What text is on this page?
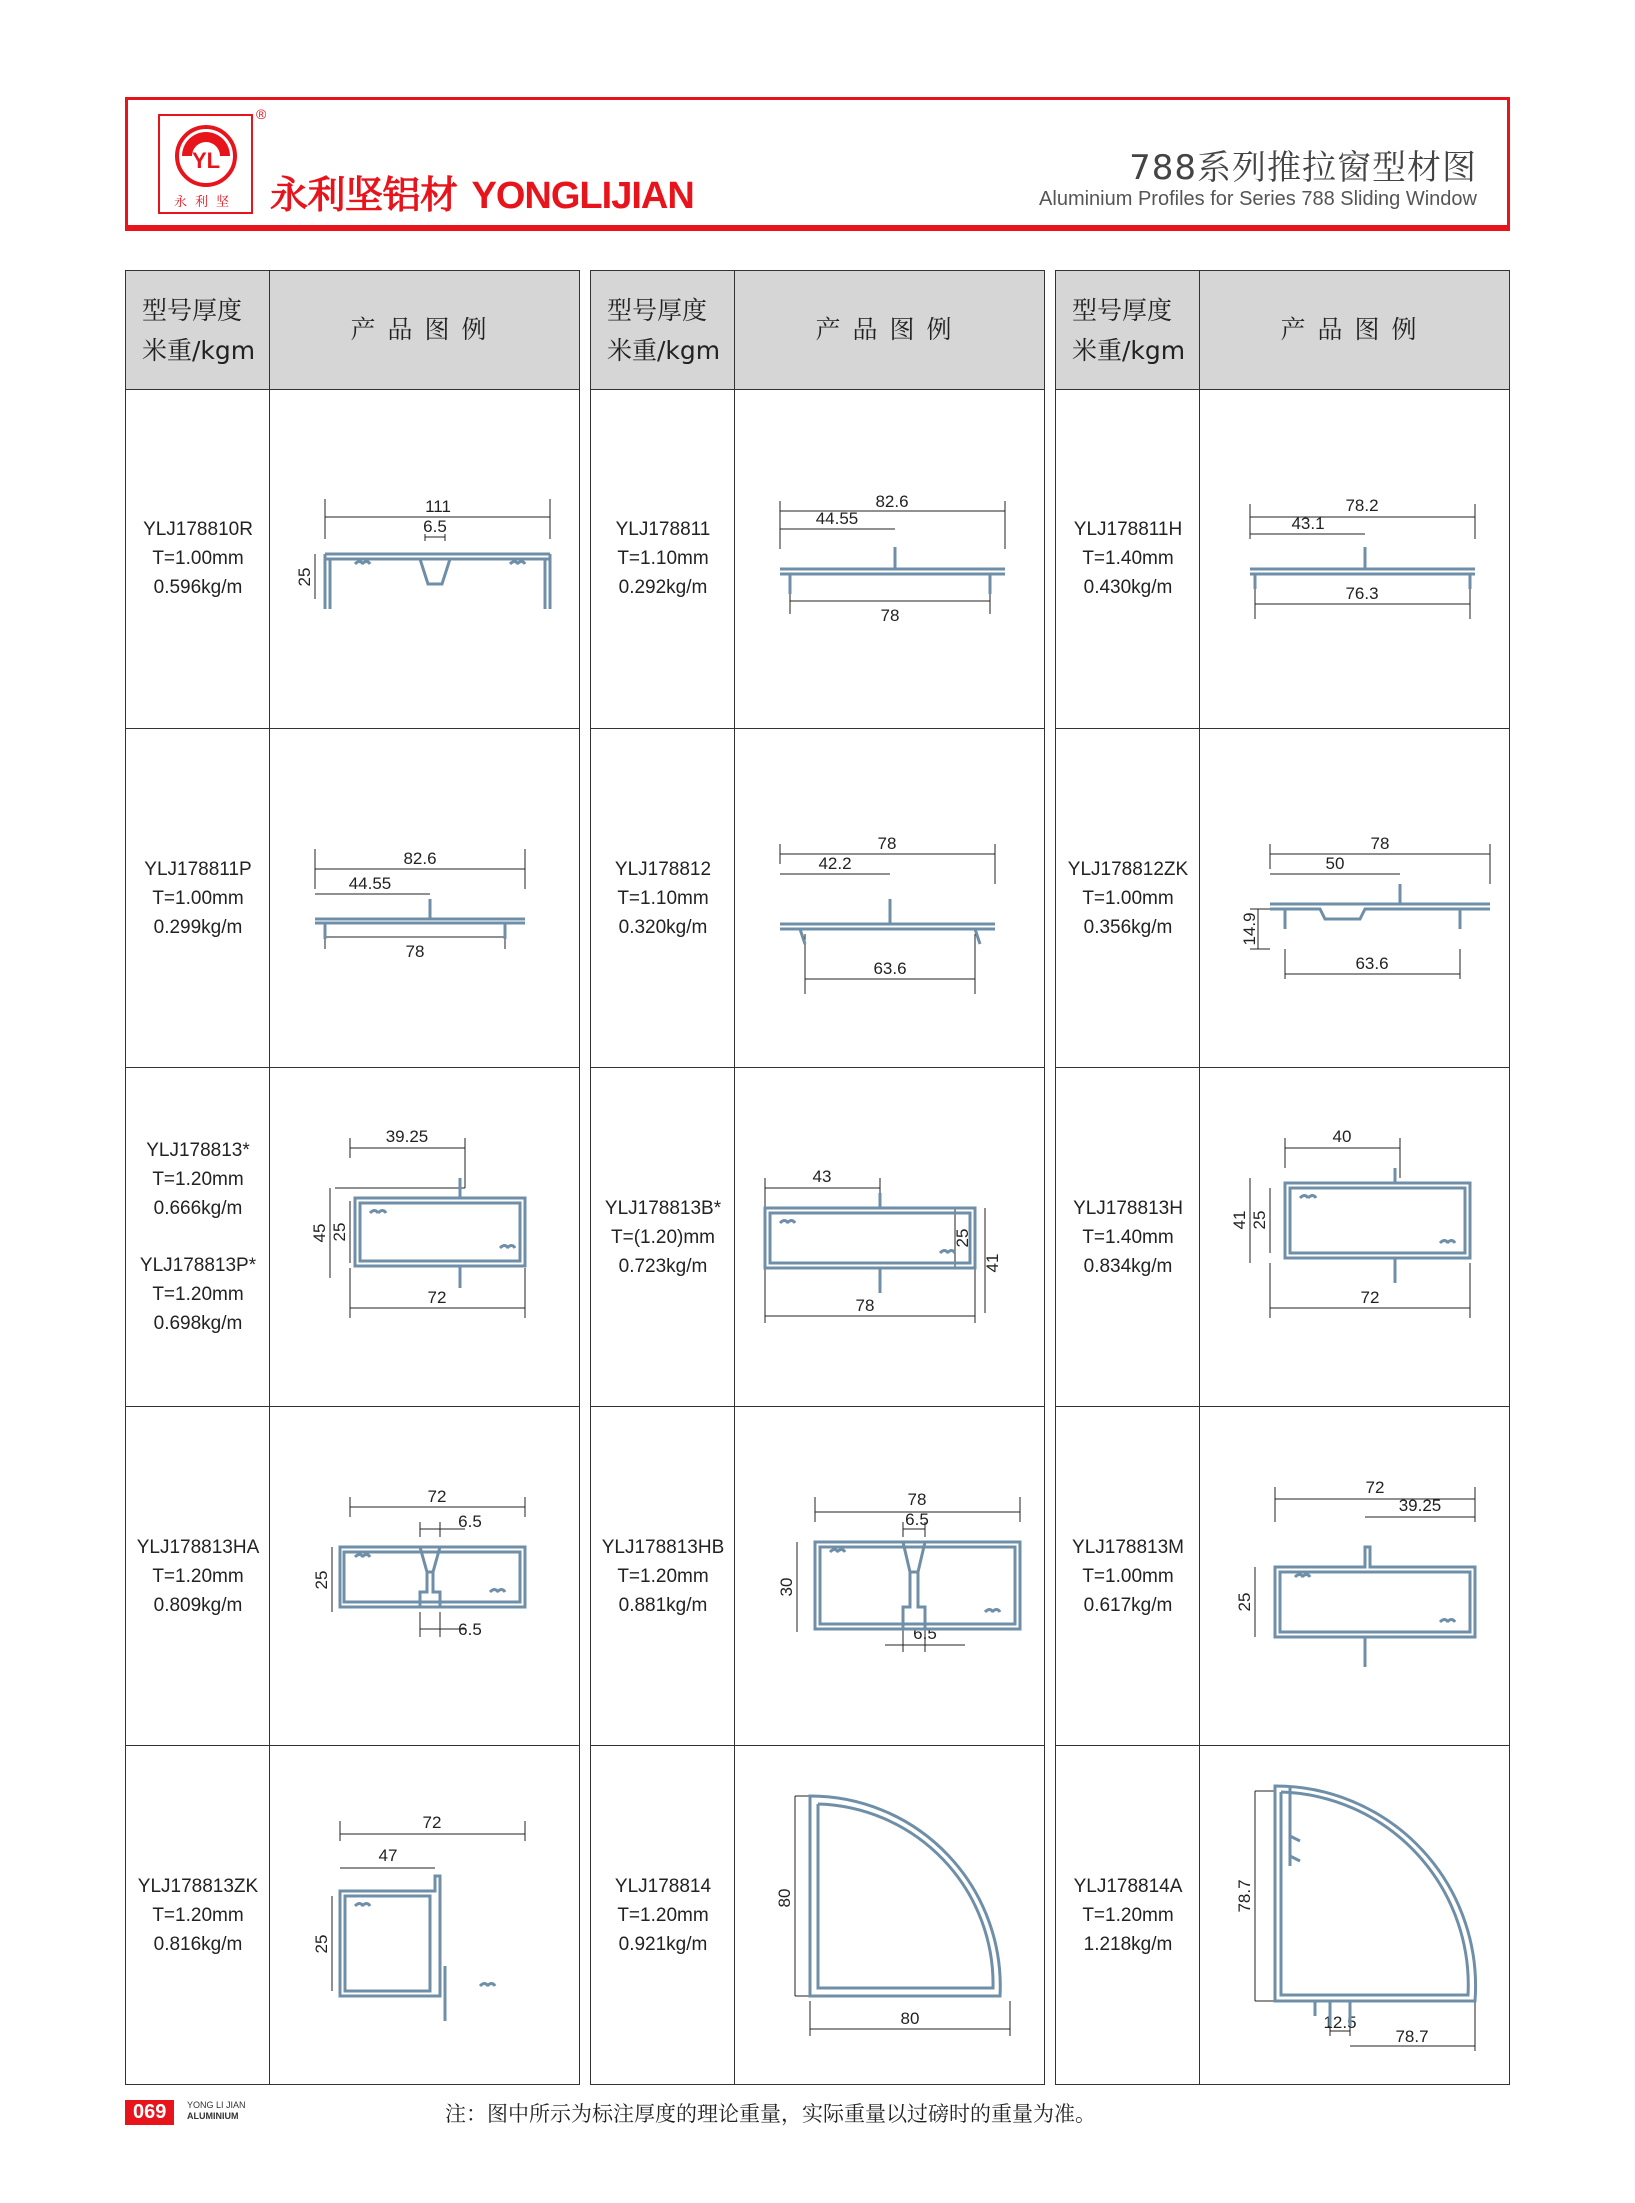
YL
永利坚
®
永利坚铝材 YONGLIJIAN
788系列推拉窗型材图
Aluminium Profiles for Series 788 Sliding Window
型号厚度
米重/kgm
产品图例
YLJ178810R
T=1.00mm
0.596kg/m
111
6.5
25
YLJ178811P
T=1.00mm
0.299kg/m
82.6
44.55
78
YLJ178813*
T=1.20mm
0.666kg/m
YLJ178813P*
T=1.20mm
0.698kg/m
39.25
45 25
72
YLJ178813HA
T=1.20mm
0.809kg/m
72
6.5
25
6.5
YLJ178813ZK
T=1.20mm
0.816kg/m
72
47
25
型号厚度
米重/kgm
产品图例
YLJ178811
T=1.10mm
0.292kg/m
82.6
44.55
78
YLJ178812
T=1.10mm
0.320kg/m
78
42.2
63.6
YLJ178813B*
T=(1.20)mm
0.723kg/m
43
25
41
78
YLJ178813HB
T=1.20mm
0.881kg/m
78
6.5
30
6.5
YLJ178814
T=1.20mm
0.921kg/m
80
80
型号厚度
米重/kgm
产品图例
YLJ178811H
T=1.40mm
0.430kg/m
78.2
43.1
76.3
YLJ178812ZK
T=1.00mm
0.356kg/m
78
50
14.9
63.6
YLJ178813H
T=1.40mm
0.834kg/m
40
41 25
72
YLJ178813M
T=1.00mm
0.617kg/m
72
39.25
25
YLJ178814A
T=1.20mm
1.218kg/m
78.7
12.5
78.7
069	YONG LI JIAN
ALUMINIUM	注：图中所示为标注厚度的理论重量，实际重量以过磅时的重量为准。
